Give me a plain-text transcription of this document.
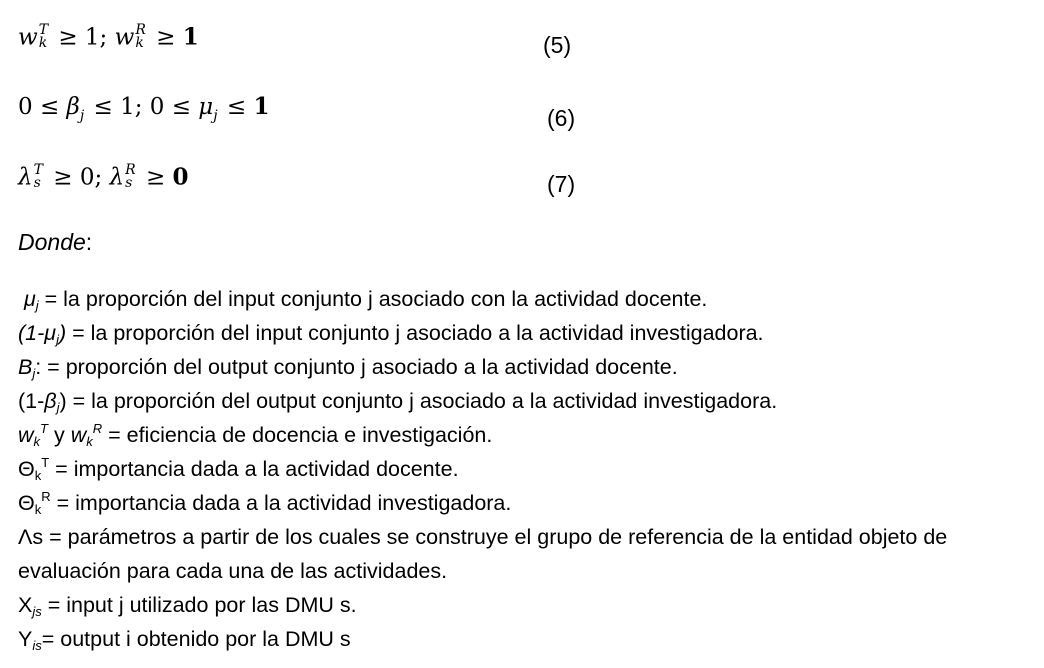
w T
k ≥ 1; w R
k ≥ 1	(5)
$0 \le \beta_j \le 1$; $0 \le \mu_j \le 1$	(6)
λ T
s ≥ 0; λ R
s ≥ 0	(7)
Donde:
$\mu_j$ = la proporción del input conjunto j asociado con la actividad docente.
$(1-\mu_j)$ = la proporción del input conjunto j asociado a la actividad investigadora.
$B_j$: = proporción del output conjunto j asociado a la actividad docente.
$(1-\beta_j)$ = la proporción del output conjunto j asociado a la actividad investigadora.
$w_k^T$ y $w_k^R$ = eficiencia de docencia e investigación.
$\Theta_k^T$ = importancia dada a la actividad docente.
$\Theta_k^R$ = importancia dada a la actividad investigadora.
Λs = parámetros a partir de los cuales se construye el grupo de referencia de la entidad objeto de evaluación para cada una de las actividades.
$X_{js}$ = input j utilizado por las DMU s.
$Y_{is}=$ output i obtenido por la DMU s
